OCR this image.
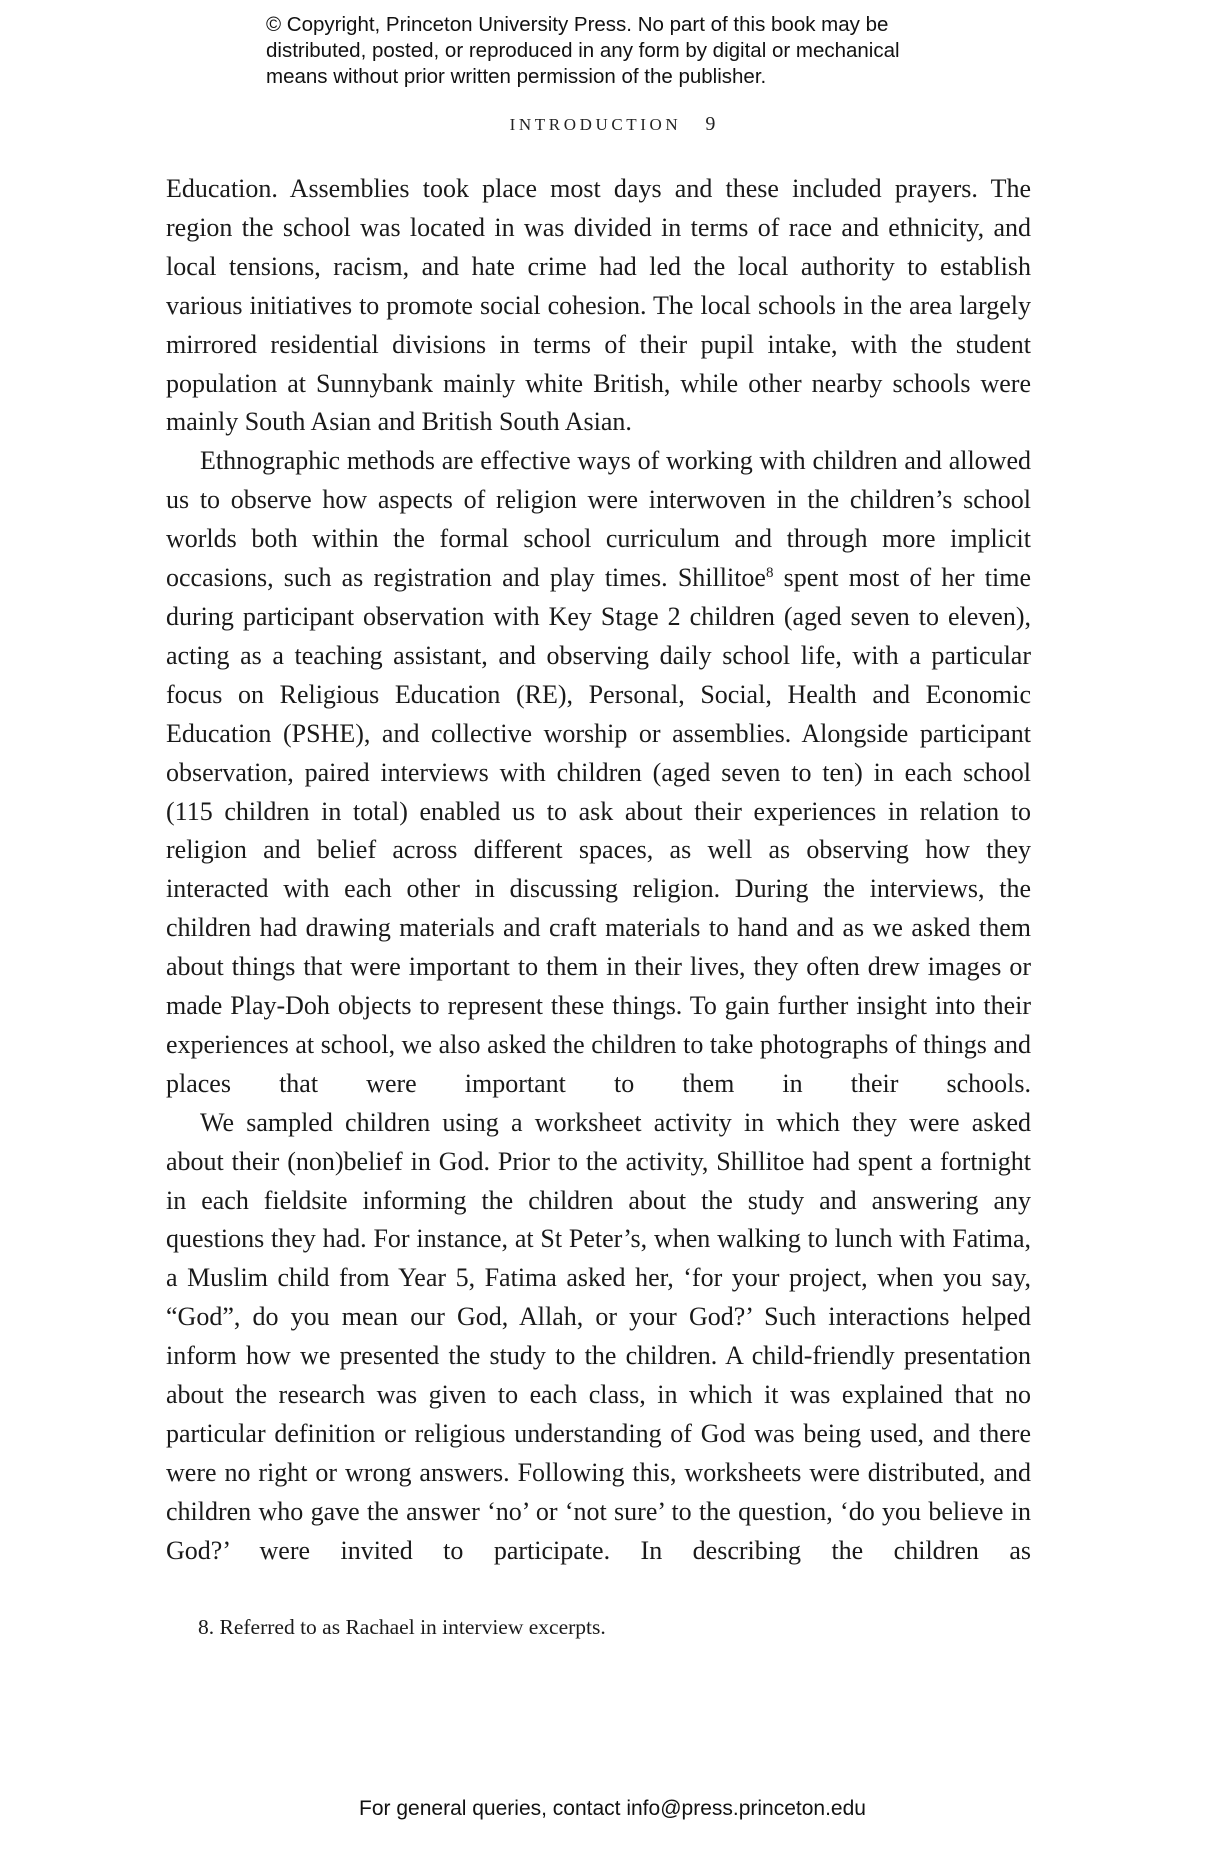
© Copyright, Princeton University Press. No part of this book may be
distributed, posted, or reproduced in any form by digital or mechanical
means without prior written permission of the publisher.
INTRODUCTION 9

Education. Assemblies took place most days and these included prayers. The region the school was located in was divided in terms of race and ethnicity, and local tensions, racism, and hate crime had led the local authority to establish various initiatives to promote social cohesion. The local schools in the area largely mirrored residential divisions in terms of their pupil intake, with the student population at Sunnybank mainly white British, while other nearby schools were mainly South Asian and British South Asian.

Ethnographic methods are effective ways of working with children and allowed us to observe how aspects of religion were interwoven in the children’s school worlds both within the formal school curriculum and through more implicit occasions, such as registration and play times. Shillitoe$^8$ spent most of her time during participant observation with Key Stage 2 children (aged seven to eleven), acting as a teaching assistant, and observing daily school life, with a particular focus on Religious Education (RE), Personal, Social, Health and Economic Education (PSHE), and collective worship or assemblies. Alongside participant observation, paired interviews with children (aged seven to ten) in each school (115 children in total) enabled us to ask about their experiences in relation to religion and belief across different spaces, as well as observing how they interacted with each other in discussing religion. During the interviews, the children had drawing materials and craft materials to hand and as we asked them about things that were important to them in their lives, they often drew images or made Play-Doh objects to represent these things. To gain further insight into their experiences at school, we also asked the children to take photographs of things and places that were important to them in their schools.

We sampled children using a worksheet activity in which they were asked about their (non)belief in God. Prior to the activity, Shillitoe had spent a fortnight in each fieldsite informing the children about the study and answering any questions they had. For instance, at St Peter’s, when walking to lunch with Fatima, a Muslim child from Year 5, Fatima asked her, ‘for your project, when you say, “God”, do you mean our God, Allah, or your God?’ Such interactions helped inform how we presented the study to the children. A child-friendly presentation about the research was given to each class, in which it was explained that no particular definition or religious understanding of God was being used, and there were no right or wrong answers. Following this, worksheets were distributed, and children who gave the answer ‘no’ or ‘not sure’ to the question, ‘do you believe in God?’ were invited to participate. In describing the children as

8. Referred to as Rachael in interview excerpts.
For general queries, contact info@press.princeton.edu
